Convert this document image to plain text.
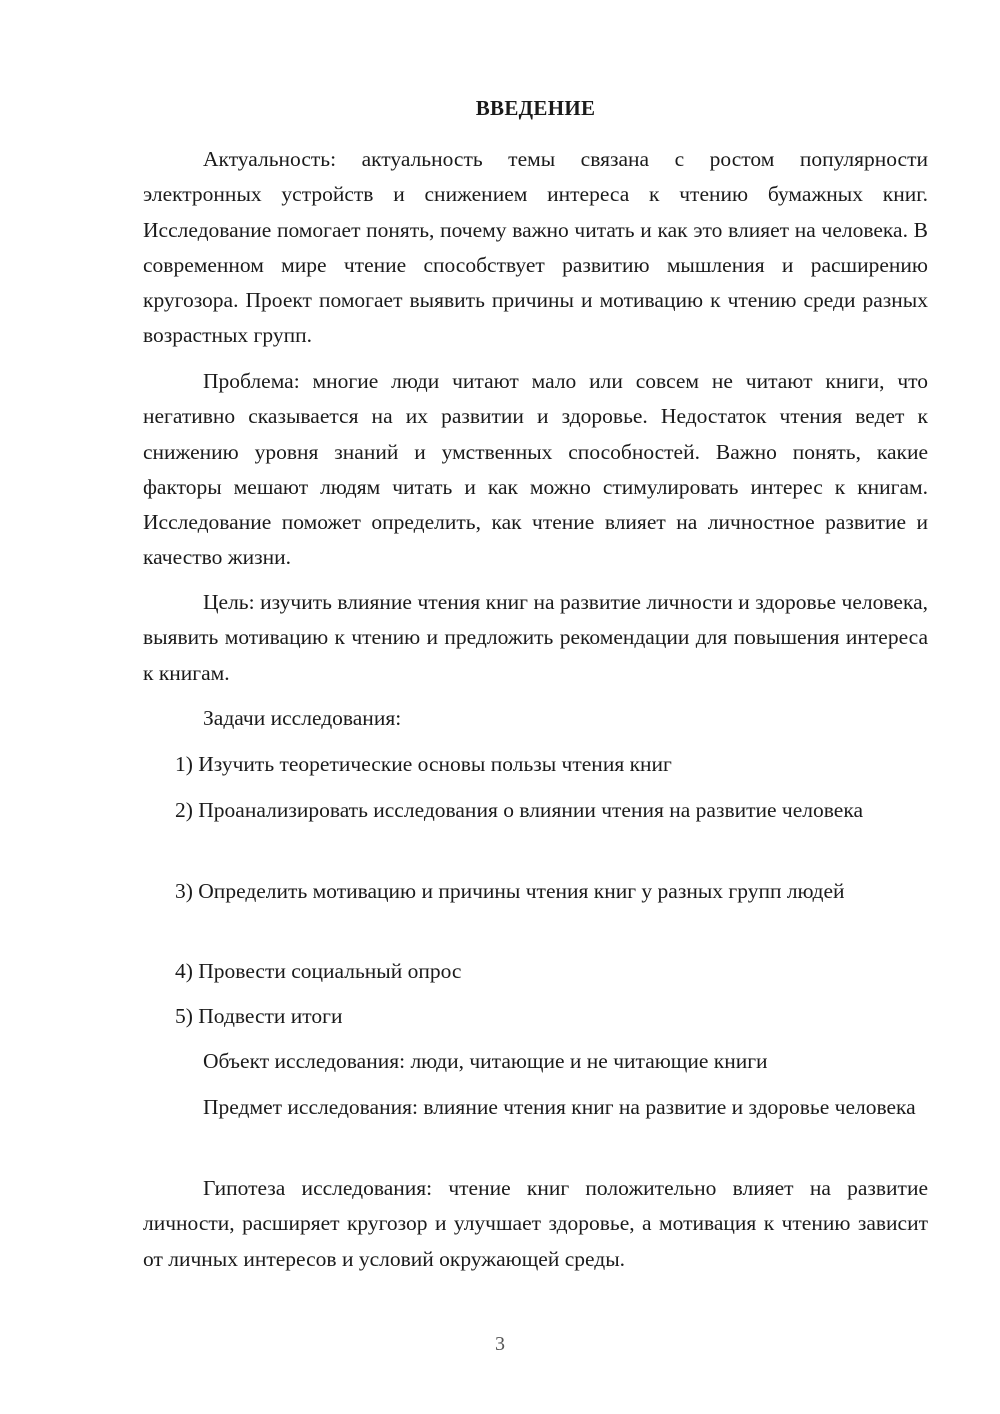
ВВЕДЕНИЕ

Актуальность: актуальность темы связана с ростом популярности электронных устройств и снижением интереса к чтению бумажных книг. Исследование помогает понять, почему важно читать и как это влияет на человека. В современном мире чтение способствует развитию мышления и расширению кругозора. Проект помогает выявить причины и мотивацию к чтению среди разных возрастных групп.

Проблема: многие люди читают мало или совсем не читают книги, что негативно сказывается на их развитии и здоровье. Недостаток чтения ведет к снижению уровня знаний и умственных способностей. Важно понять, какие факторы мешают людям читать и как можно стимулировать интерес к книгам. Исследование поможет определить, как чтение влияет на личностное развитие и качество жизни.

Цель: изучить влияние чтения книг на развитие личности и здоровье человека, выявить мотивацию к чтению и предложить рекомендации для повышения интереса к книгам.

Задачи исследования:

1) Изучить теоретические основы пользы чтения книг

2) Проанализировать исследования о влиянии чтения на развитие человека

3) Определить мотивацию и причины чтения книг у разных групп людей

4) Провести социальный опрос

5) Подвести итоги

Объект исследования: люди, читающие и не читающие книги

Предмет исследования: влияние чтения книг на развитие и здоровье человека

Гипотеза исследования: чтение книг положительно влияет на развитие личности, расширяет кругозор и улучшает здоровье, а мотивация к чтению зависит от личных интересов и условий окружающей среды.

3
